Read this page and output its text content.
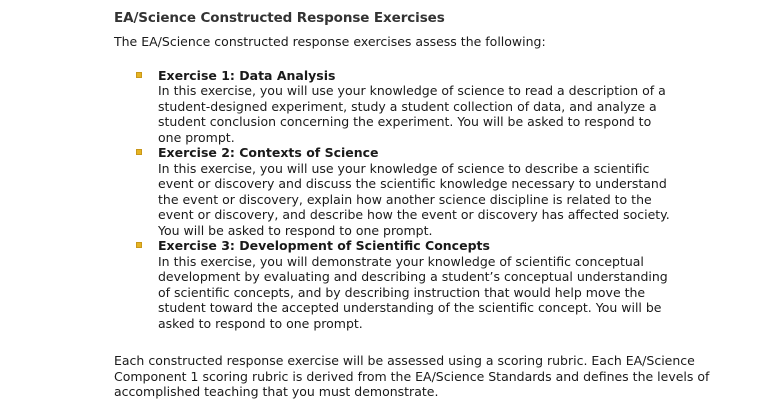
EA/Science Constructed Response Exercises

The EA/Science constructed response exercises assess the following:

Exercise 1: Data Analysis
In this exercise, you will use your knowledge of science to read a description of a student-designed experiment, study a student collection of data, and analyze a student conclusion concerning the experiment. You will be asked to respond to one prompt.
Exercise 2: Contexts of Science
In this exercise, you will use your knowledge of science to describe a scientific event or discovery and discuss the scientific knowledge necessary to understand the event or discovery, explain how another science discipline is related to the event or discovery, and describe how the event or discovery has affected society. You will be asked to respond to one prompt.
Exercise 3: Development of Scientific Concepts
In this exercise, you will demonstrate your knowledge of scientific conceptual development by evaluating and describing a student’s conceptual understanding of scientific concepts, and by describing instruction that would help move the student toward the accepted understanding of the scientific concept. You will be asked to respond to one prompt.

Each constructed response exercise will be assessed using a scoring rubric. Each EA/Science Component 1 scoring rubric is derived from the EA/Science Standards and defines the levels of accomplished teaching that you must demonstrate.
